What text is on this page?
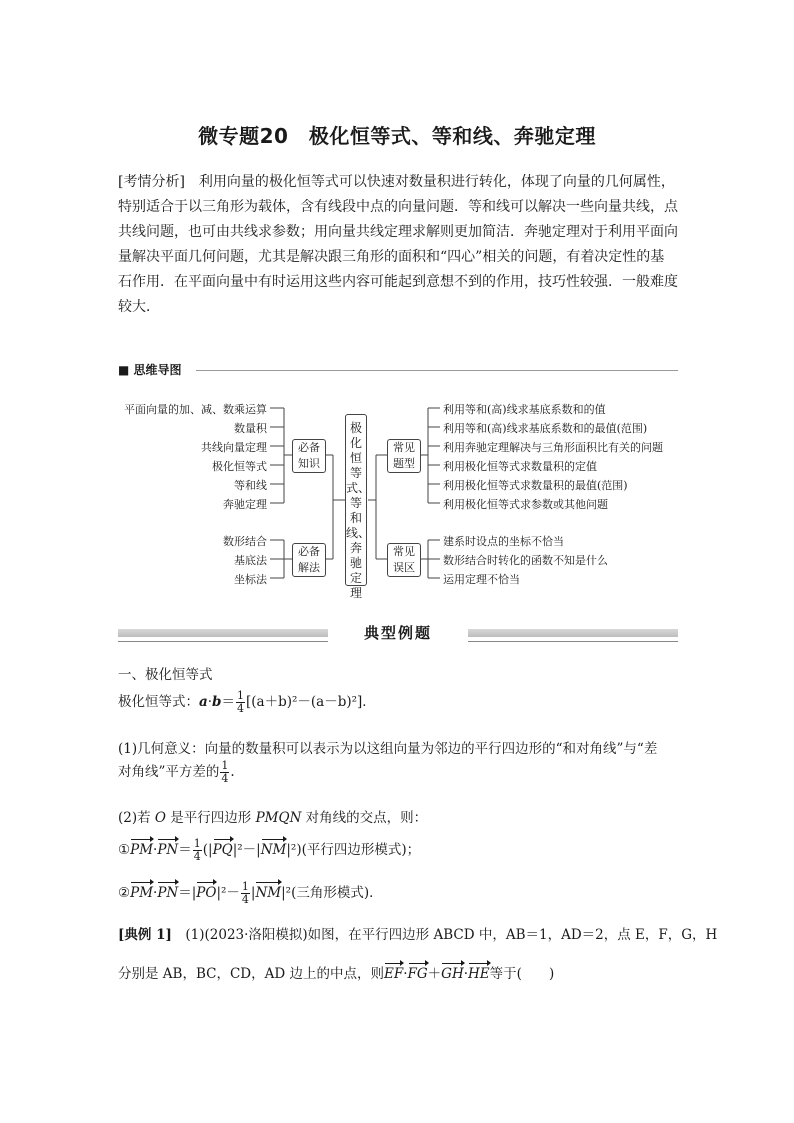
微专题20　极化恒等式、等和线、奔驰定理

[考情分析]　利用向量的极化恒等式可以快速对数量积进行转化，体现了向量的几何属性，

特别适合于以三角形为载体，含有线段中点的向量问题．等和线可以解决一些向量共线，点

共线问题，也可由共线求参数；用向量共线定理求解则更加简洁．奔驰定理对于利用平面向

量解决平面几何问题，尤其是解决跟三角形的面积和“四心”相关的问题，有着决定性的基

石作用．在平面向量中有时运用这些内容可能起到意想不到的作用，技巧性较强．一般难度

较大．

■ 思维导图
平面向量的加、减、数乘运算
数量积
共线向量定理
极化恒等式
等和线
奔驰定理
必备知识
数形结合
基底法
坐标法
必备解法
极化恒等式、等和线、奔驰定理
常见题型
常见误区
利用等和(高)线求基底系数和的值
利用等和(高)线求基底系数和的最值(范围)
利用奔驰定理解决与三角形面积比有关的问题
利用极化恒等式求数量积的定值
利用极化恒等式求数量积的最值(范围)
利用极化恒等式求参数或其他问题
建系时设点的坐标不恰当
数形结合时转化的函数不知是什么
运用定理不恰当
典型例题
一、极化恒等式
极化恒等式：$a\cdot b= \frac{1}{4} [(a+b)^2-(a-b)^2]$．
(1)几何意义：向量的数量积可以表示为以这组向量为邻边的平行四边形的“和对角线”与“差
对角线”平方差的 $\frac{1}{4}$ .
(2)若 O 是平行四边形 PMQN 对角线的交点，则：
①PM·PN＝ $\frac{1}{4} (|PQ|^2-|NM|^2)$(平行四边形模式)；
②PM·PN＝|PO|²－ $\frac{1}{4} |NM|^2$(三角形模式)．
[典例 1]　(1)(2023·洛阳模拟)如图，在平行四边形 ABCD 中，AB＝1，AD＝2，点 E，F，G，H
分别是 AB，BC，CD，AD 边上的中点，则EF·FG＋GH·HE等于(　　)
